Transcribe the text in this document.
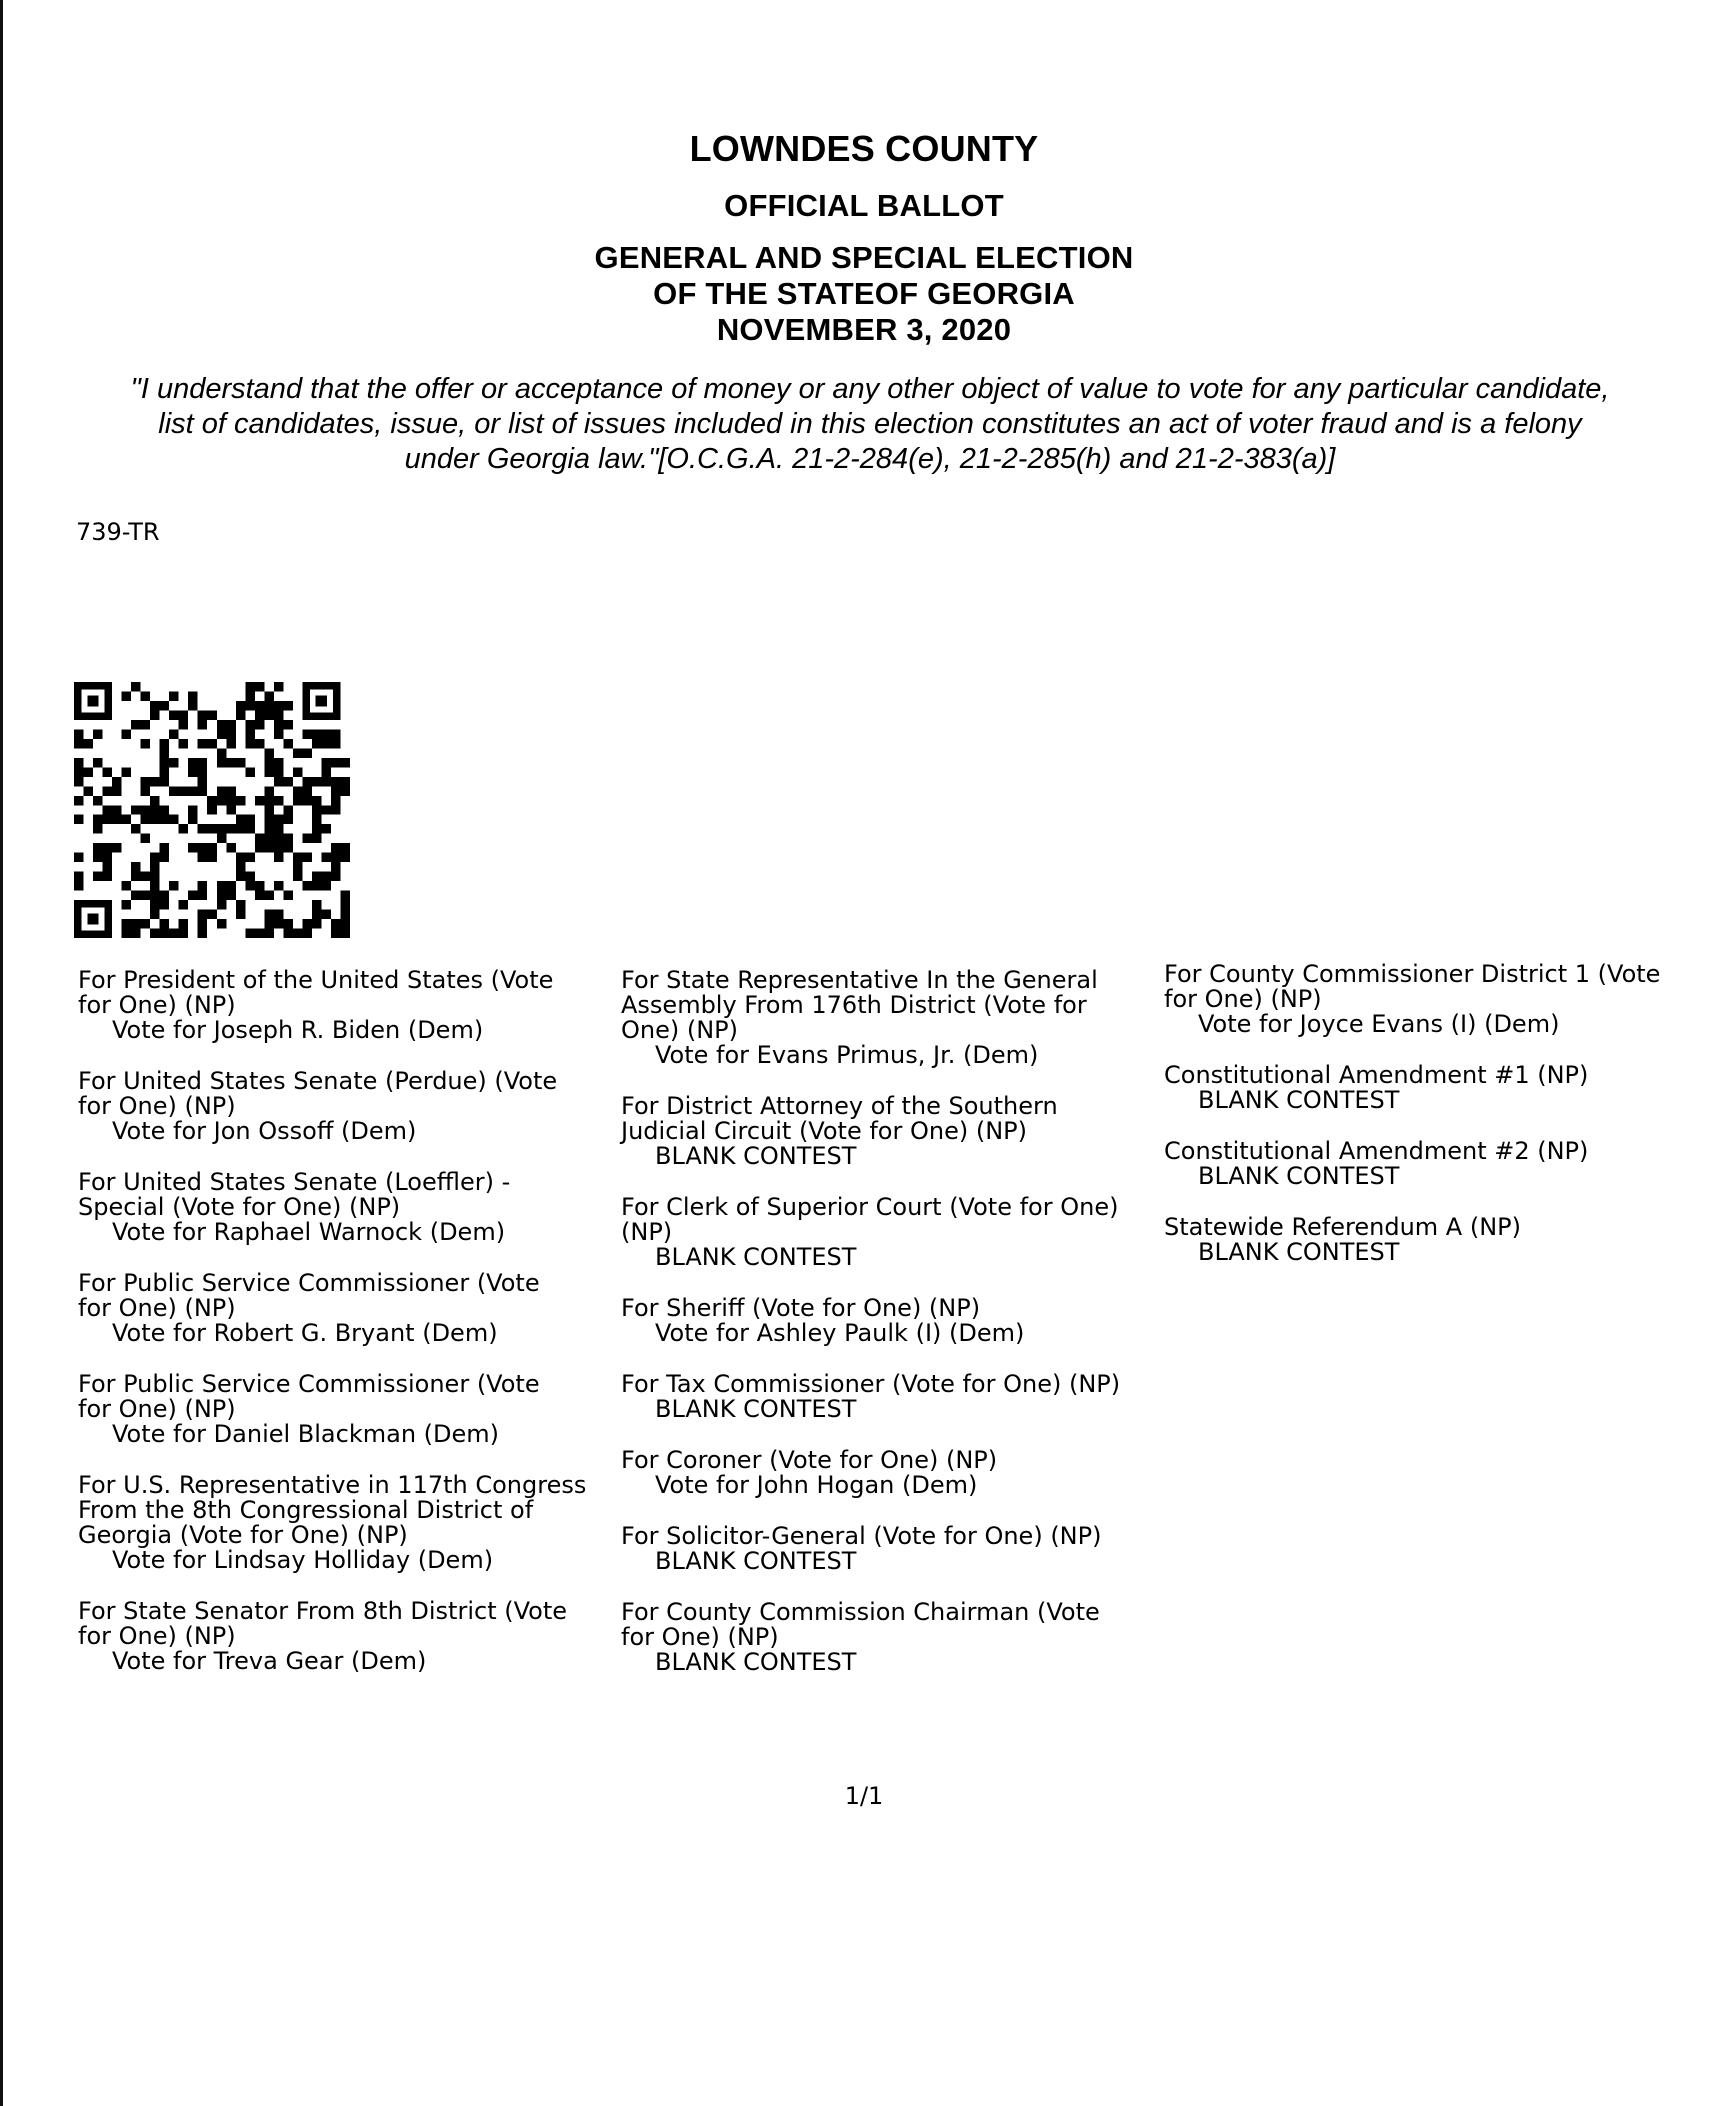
LOWNDES COUNTY
OFFICIAL BALLOT
GENERAL AND SPECIAL ELECTION
OF THE STATEOF GEORGIA
NOVEMBER 3, 2020
"I understand that the offer or acceptance of money or any other object of value to vote for any particular candidate,
list of candidates, issue, or list of issues included in this election constitutes an act of voter fraud and is a felony
under Georgia law."[O.C.G.A. 21-2-284(e), 21-2-285(h) and 21-2-383(a)]
739-TR
For President of the United States (Vote
for One) (NP)
Vote for Joseph R. Biden (Dem)
For United States Senate (Perdue) (Vote
for One) (NP)
Vote for Jon Ossoff (Dem)
For United States Senate (Loeffler) -
Special (Vote for One) (NP)
Vote for Raphael Warnock (Dem)
For Public Service Commissioner (Vote
for One) (NP)
Vote for Robert G. Bryant (Dem)
For Public Service Commissioner (Vote
for One) (NP)
Vote for Daniel Blackman (Dem)
For U.S. Representative in 117th Congress
From the 8th Congressional District of
Georgia (Vote for One) (NP)
Vote for Lindsay Holliday (Dem)
For State Senator From 8th District (Vote
for One) (NP)
Vote for Treva Gear (Dem)
For State Representative In the General
Assembly From 176th District (Vote for
One) (NP)
Vote for Evans Primus, Jr. (Dem)
For District Attorney of the Southern
Judicial Circuit (Vote for One) (NP)
BLANK CONTEST
For Clerk of Superior Court (Vote for One)
(NP)
BLANK CONTEST
For Sheriff (Vote for One) (NP)
Vote for Ashley Paulk (I) (Dem)
For Tax Commissioner (Vote for One) (NP)
BLANK CONTEST
For Coroner (Vote for One) (NP)
Vote for John Hogan (Dem)
For Solicitor-General (Vote for One) (NP)
BLANK CONTEST
For County Commission Chairman (Vote
for One) (NP)
BLANK CONTEST
For County Commissioner District 1 (Vote
for One) (NP)
Vote for Joyce Evans (I) (Dem)
Constitutional Amendment #1 (NP)
BLANK CONTEST
Constitutional Amendment #2 (NP)
BLANK CONTEST
Statewide Referendum A (NP)
BLANK CONTEST
1/1
